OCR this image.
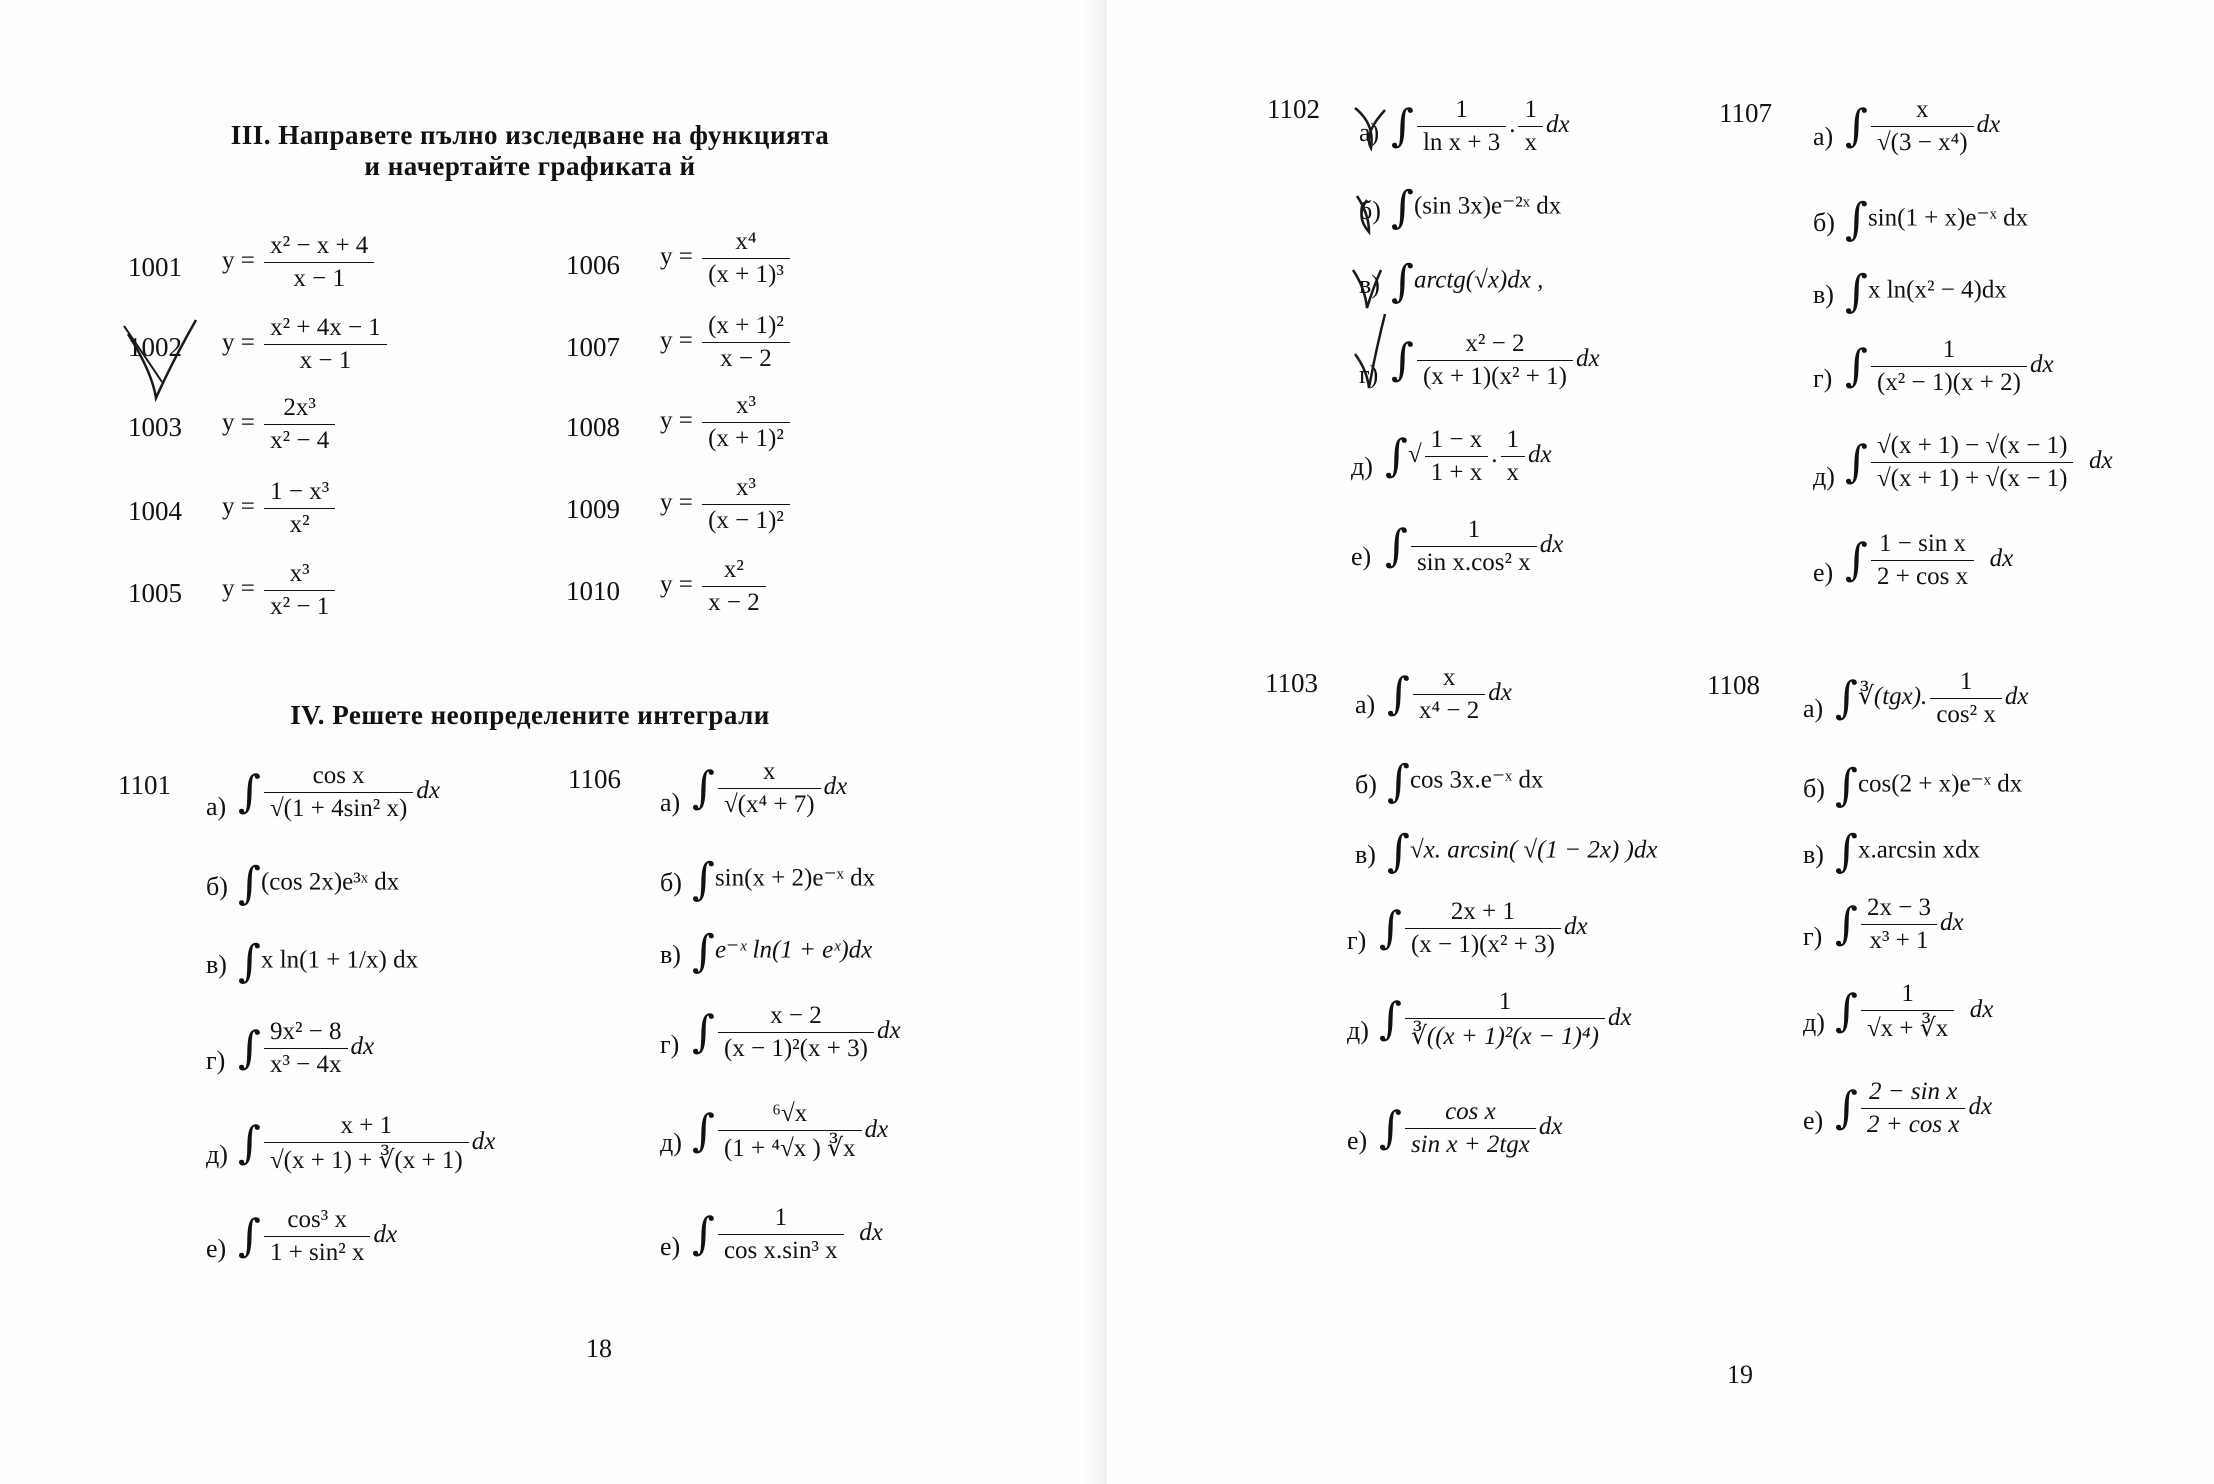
III. Направете пълно изследване на функцията
и начертайте графиката й
1001 $y = \frac{\text{x² − x + 4}}{x - 1}$
1002 $y = \frac{\text{x² + 4x − 1}}{x - 1}$
1003 $y = \frac{\text{2x³}}{\text{x² − 4}}$
1004 $y = \frac{\text{1 − x³}}{\text{x²}}$
1005 $y = \frac{\text{x³}}{\text{x² − 1}}$
1006 $y = \frac{\text{x⁴}}{\text{(x + 1)³}}$
1007 $y = \frac{\text{(x + 1)²}}{x - 2}$
1008 $y = \frac{\text{x³}}{\text{(x + 1)²}}$
1009 $y = \frac{\text{x³}}{\text{(x − 1)²}}$
1010 $y = \frac{\text{x²}}{x - 2}$
IV. Решете неопределените интеграли
1101
а) ∫ $\frac{\text{cos x}}{\text{√(1 + 4sin² x)}}$ dx
б) ∫(cos 2x)e³ˣ dx
в) ∫x ln(1 + 1/x) dx
г) ∫ $\frac{\text{9x² − 8}}{\text{x³ − 4x}}$ dx
д) ∫ $\frac{x + 1}{√(x + 1) + ∛(x + 1)}$ dx
е) ∫ $\frac{\text{cos³ x}}{\text{1 + sin² x}}$ dx
1106
а) ∫ $\frac{x}{\text{√(x⁴ + 7)}}$ dx
б) ∫sin(x + 2)e⁻ˣ dx
в) ∫e⁻ˣ ln(1 + eˣ)dx
г) ∫ $\frac{x - 2}{\text{(x − 1)²(x + 3)}}$ dx
д) ∫ $\frac{\text{⁶√x}}{\text{(1 + ⁴√x ) ∛x}}$ dx
е) ∫ $\frac{1}{\text{cos x.sin³ x}}$ dx
18
1102
а) ∫ $\frac{1}{\text{ln x + 3}}$ . $\frac{1}{x}$ dx
б) ∫(sin 3x)e⁻²ˣ dx
в) ∫arctg(√x)dx ,
г) ∫ $\frac{\text{x² − 2}}{\text{(x + 1)(x² + 1)}}$ dx
д) ∫√ $\frac{1 - x}{1 + x}$ . $\frac{1}{x}$ dx
е) ∫ $\frac{1}{\text{sin x.cos² x}}$ dx
1107
а) ∫ $\frac{x}{\text{√(3 − x⁴)}}$ dx
б) ∫sin(1 + x)e⁻ˣ dx
в) ∫x ln(x² − 4)dx
г) ∫ $\frac{1}{\text{(x² − 1)(x + 2)}}$ dx
д) ∫ $\frac{√(x + 1) - √(x - 1)}{√(x + 1) + √(x - 1)}$ dx
е) ∫ $\frac{\text{1 − sin x}}{\text{2 + cos x}}$ dx
1103
а) ∫ $\frac{x}{\text{x⁴ − 2}}$ dx
б) ∫cos 3x.e⁻ˣ dx
в) ∫√x. arcsin( √(1 − 2x) )dx
г) ∫ $\frac{2x + 1}{\text{(x − 1)(x² + 3)}}$ dx
д) ∫ $\frac{1}{\text{∛((x + 1)²(x − 1)⁴)}}$ dx
е) ∫ $\frac{\text{cos x}}{\text{sin x + 2tgx}}$ dx
1108
а) ∫∛(tgx). $\frac{1}{\text{cos² x}}$ dx
б) ∫cos(2 + x)e⁻ˣ dx
в) ∫x.arcsin xdx
г) ∫ $\frac{2x - 3}{\text{x³ + 1}}$ dx
д) ∫ $\frac{1}{√x + ∛x}$ dx
е) ∫ $\frac{\text{2 − sin x}}{\text{2 + cos x}}$ dx
19
